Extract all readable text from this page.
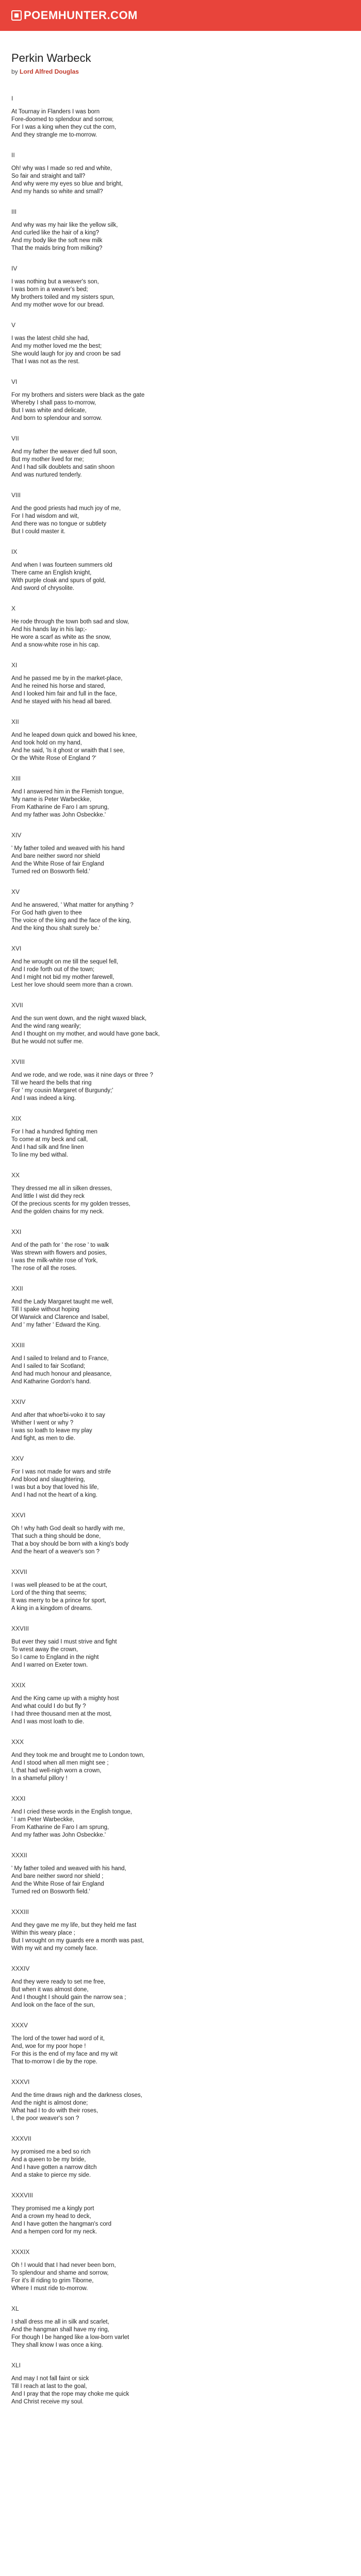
POEMHUNTER.COM
Perkin Warbeck
by Lord Alfred Douglas
I
At Tournay in Flanders I was born
Fore-doomed to splendour and sorrow,
For I was a king when they cut the corn,
And they strangle me to-morrow.
II
Oh! why was I made so red and white,
So fair and straight and tall?
And why were my eyes so blue and bright,
And my hands so white and small?
III
And why was my hair like the yellow silk,
And curled like the hair of a king?
And my body like the soft new milk
That the maids bring from milking?
IV
I was nothing but a weaver's son,
I was born in a weaver's bed;
My brothers toiled and my sisters spun,
And my mother wove for our bread.
V
I was the latest child she had,
And my mother loved me the best;
She would laugh for joy and croon be sad
That I was not as the rest.
VI
For my brothers and sisters were black as the gate
Whereby I shall pass to-morrow,
But I was white and delicate,
And born to splendour and sorrow.
VII
And my father the weaver died full soon,
But my mother lived for me;
And I had silk doublets and satin shoon
And was nurtured tenderly.
VIII
And the good priests had much joy of me,
For I had wisdom and wit,
And there was no tongue or subtlety
But I could master it.
IX
And when I was fourteen summers old
There came an English knight,
With purple cloak and spurs of gold,
And sword of chrysolite.
X
He rode through the town both sad and slow,
And his hands lay in his lap;-
He wore a scarf as white as the snow,
And a snow-white rose in his cap.
XI
And he passed me by in the market-place,
And he reined his horse and stared,
And I looked him fair and full in the face,
And he stayed with his head all bared.
XII
And he leaped down quick and bowed his knee,
And took hold on my hand,
And he said, 'Is it ghost or wraith that I see,
Or the White Rose of England ?'
XIII
And I answered him in the Flemish tongue,
'My name is Peter Warbeckke,
From Katharine de Faro I am sprung,
And my father was John Osbeckke.'
XIV
' My father toiled and weaved with his hand
And bare neither sword nor shield
And the White Rose of fair England
Turned red on Bosworth field.'
XV
And he answered, ' What matter for anything ?
For God hath given to thee
The voice of the king and the face of the king,
And the king thou shalt surely be.'
XVI
And he wrought on me till the sequel fell,
And I rode forth out of the town;
And I might not bid my mother farewell,
Lest her love should seem more than a crown.
XVII
And the sun went down, and the night waxed black,
And the wind rang wearily;
And I thought on my mother, and would have gone back,
But he would not suffer me.
XVIII
And we rode, and we rode, was it nine days or three ?
Till we heard the bells that ring
For ' my cousin Margaret of Burgundy;'
And I was indeed a king.
XIX
For I had a hundred fighting men
To come at my beck and call,
And I had silk and fine linen
To line my bed withal.
XX
They dressed me all in silken dresses,
And little I wist did they reck
Of the precious scents for my golden tresses,
And the golden chains for my neck.
XXI
And of the path for ' the rose ' to walk
Was strewn with flowers and posies,
I was the milk-white rose of York,
The rose of all the roses.
XXII
And the Lady Margaret taught me well,
Till I spake without hoping
Of Warwick and Clarence and Isabel,
And ' my father ' Edward the King.
XXIII
And I sailed to Ireland and to France,
And I sailed to fair Scotland;
And had much honour and pleasance,
And Katharine Gordon's hand.
XXIV
And after that whoe'bi-voko it to say
Whither I went or why ?
I was so loath to leave my play
And fight, as men to die.
XXV
For I was not made for wars and strife
And blood and slaughtering,
I was but a boy that loved his life,
And I had not the heart of a king.
XXVI
Oh ! why hath God dealt so hardly with me,
That such a thing should be done,
That a boy should be born with a king's body
And the heart of a weaver's son ?
XXVII
I was well pleased to be at the court,
Lord of the thing that seems;
It was merry to be a prince for sport,
A king in a kingdom of dreams.
XXVIII
But ever they said I must strive and fight
To wrest away the crown,
So I came to England in the night
And I warred on Exeter town.
XXIX
And the King came up with a mighty host
And what could I do but fly ?
I had three thousand men at the most,
And I was most loath to die.
XXX
And they took me and brought me to London town,
And I stood when all men might see ;
I, that had well-nigh worn a crown,
In a shameful pillory !
XXXI
And I cried these words in the English tongue,
' I am Peter Warbeckke,
From Katharine de Faro I am sprung,
And my father was John Osbeckke.'
XXXII
' My father toiled and weaved with his hand,
And bare neither sword nor shield ;
And the White Rose of fair England
Turned red on Bosworth field.'
XXXIII
And they gave me my life, but they held me fast
Within this weary place ;
But I wrought on my guards ere a month was past,
With my wit and my comely face.
XXXIV
And they were ready to set me free,
But when it was almost done,
And I thought I should gain the narrow sea ;
And look on the face of the sun,
XXXV
The lord of the tower had word of it,
And, woe for my poor hope !
For this is the end of my face and my wit
That to-morrow I die by the rope.
XXXVI
And the time draws nigh and the darkness closes,
And the night is almost done;
What had I to do with their roses,
I, the poor weaver's son ?
XXXVII
Ivy promised me a bed so rich
And a queen to be my bride,
And I have gotten a narrow ditch
And a stake to pierce my side.
XXXVIII
They promised me a kingly port
And a crown my head to deck,
And I have gotten the hangman's cord
And a hempen cord for my neck.
XXXIX
Oh ! I would that I had never been born,
To splendour and shame and sorrow,
For it's ill riding to grim Tiborne,
Where I must ride to-morrow.
XL
I shall dress me all in silk and scarlet,
And the hangman shall have my ring,
For though I be hanged like a low-born varlet
They shall know I was once a king.
XLI
And may I not fall faint or sick
Till I reach at last to the goal,
And I pray that the rope may choke me quick
And Christ receive my soul.
